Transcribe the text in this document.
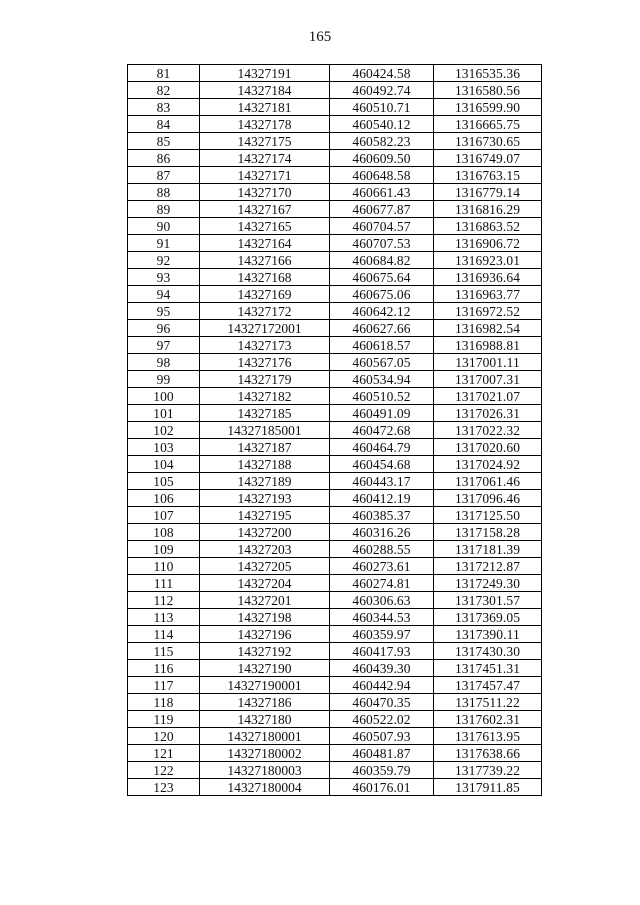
165
81	14327191	460424.58	1316535.36
82	14327184	460492.74	1316580.56
83	14327181	460510.71	1316599.90
84	14327178	460540.12	1316665.75
85	14327175	460582.23	1316730.65
86	14327174	460609.50	1316749.07
87	14327171	460648.58	1316763.15
88	14327170	460661.43	1316779.14
89	14327167	460677.87	1316816.29
90	14327165	460704.57	1316863.52
91	14327164	460707.53	1316906.72
92	14327166	460684.82	1316923.01
93	14327168	460675.64	1316936.64
94	14327169	460675.06	1316963.77
95	14327172	460642.12	1316972.52
96	14327172001	460627.66	1316982.54
97	14327173	460618.57	1316988.81
98	14327176	460567.05	1317001.11
99	14327179	460534.94	1317007.31
100	14327182	460510.52	1317021.07
101	14327185	460491.09	1317026.31
102	14327185001	460472.68	1317022.32
103	14327187	460464.79	1317020.60
104	14327188	460454.68	1317024.92
105	14327189	460443.17	1317061.46
106	14327193	460412.19	1317096.46
107	14327195	460385.37	1317125.50
108	14327200	460316.26	1317158.28
109	14327203	460288.55	1317181.39
110	14327205	460273.61	1317212.87
111	14327204	460274.81	1317249.30
112	14327201	460306.63	1317301.57
113	14327198	460344.53	1317369.05
114	14327196	460359.97	1317390.11
115	14327192	460417.93	1317430.30
116	14327190	460439.30	1317451.31
117	14327190001	460442.94	1317457.47
118	14327186	460470.35	1317511.22
119	14327180	460522.02	1317602.31
120	14327180001	460507.93	1317613.95
121	14327180002	460481.87	1317638.66
122	14327180003	460359.79	1317739.22
123	14327180004	460176.01	1317911.85
